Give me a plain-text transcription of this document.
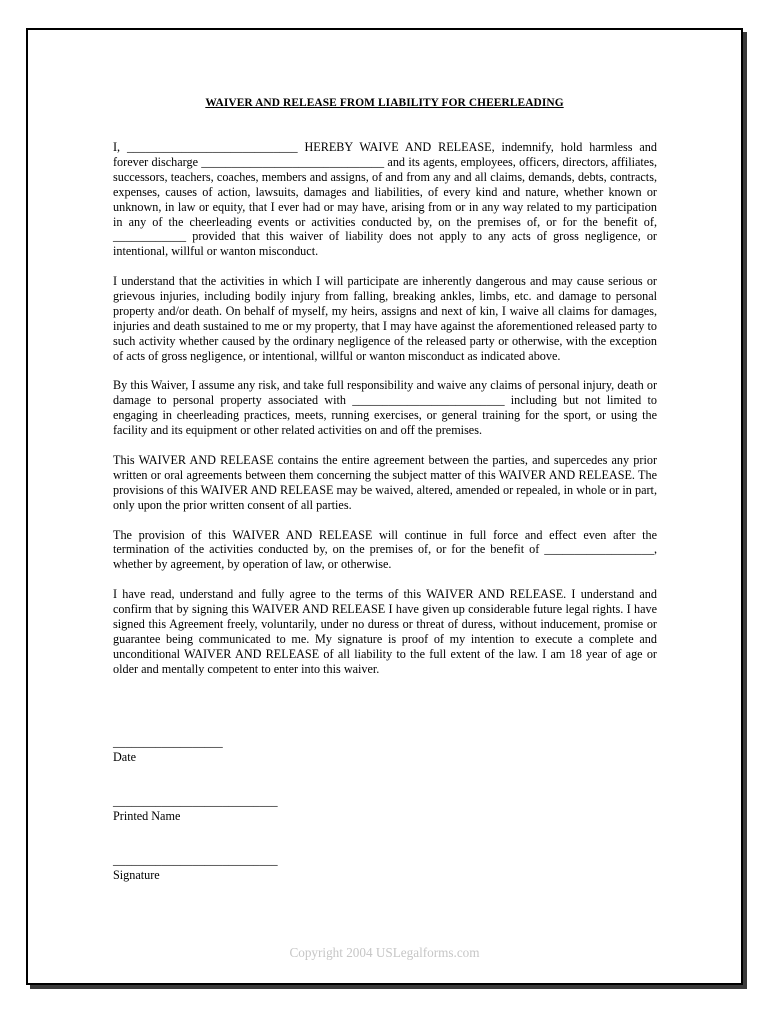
WAIVER AND RELEASE FROM LIABILITY FOR CHEERLEADING

I, ____________________________ HEREBY WAIVE AND RELEASE, indemnify, hold harmless and forever discharge ______________________________ and its agents, employees, officers, directors, affiliates, successors, teachers, coaches, members and assigns, of and from any and all claims, demands, debts, contracts, expenses, causes of action, lawsuits, damages and liabilities, of every kind and nature, whether known or unknown, in law or equity, that I ever had or may have, arising from or in any way related to my participation in any of the cheerleading events or activities conducted by, on the premises of, or for the benefit of, ____________ provided that this waiver of liability does not apply to any acts of gross negligence, or intentional, willful or wanton misconduct.

I understand that the activities in which I will participate are inherently dangerous and may cause serious or grievous injuries, including bodily injury from falling, breaking ankles, limbs, etc. and damage to personal property and/or death. On behalf of myself, my heirs, assigns and next of kin, I waive all claims for damages, injuries and death sustained to me or my property, that I may have against the aforementioned released party to such activity whether caused by the ordinary negligence of the released party or otherwise, with the exception of acts of gross negligence, or intentional, willful or wanton misconduct as indicated above.

By this Waiver, I assume any risk, and take full responsibility and waive any claims of personal injury, death or damage to personal property associated with _________________________ including but not limited to engaging in cheerleading practices, meets, running exercises, or general training for the sport, or using the facility and its equipment or other related activities on and off the premises.

This WAIVER AND RELEASE contains the entire agreement between the parties, and supercedes any prior written or oral agreements between them concerning the subject matter of this WAIVER AND RELEASE. The provisions of this WAIVER AND RELEASE may be waived, altered, amended or repealed, in whole or in part, only upon the prior written consent of all parties.

The provision of this WAIVER AND RELEASE will continue in full force and effect even after the termination of the activities conducted by, on the premises of, or for the benefit of __________________, whether by agreement, by operation of law, or otherwise.

I have read, understand and fully agree to the terms of this WAIVER AND RELEASE. I understand and confirm that by signing this WAIVER AND RELEASE I have given up considerable future legal rights. I have signed this Agreement freely, voluntarily, under no duress or threat of duress, without inducement, promise or guarantee being communicated to me. My signature is proof of my intention to execute a complete and unconditional WAIVER AND RELEASE of all liability to the full extent of the law. I am 18 year of age or older and mentally competent to enter into this waiver.

__________________
Date
___________________________
Printed Name
___________________________
Signature
Copyright 2004 USLegalforms.com
